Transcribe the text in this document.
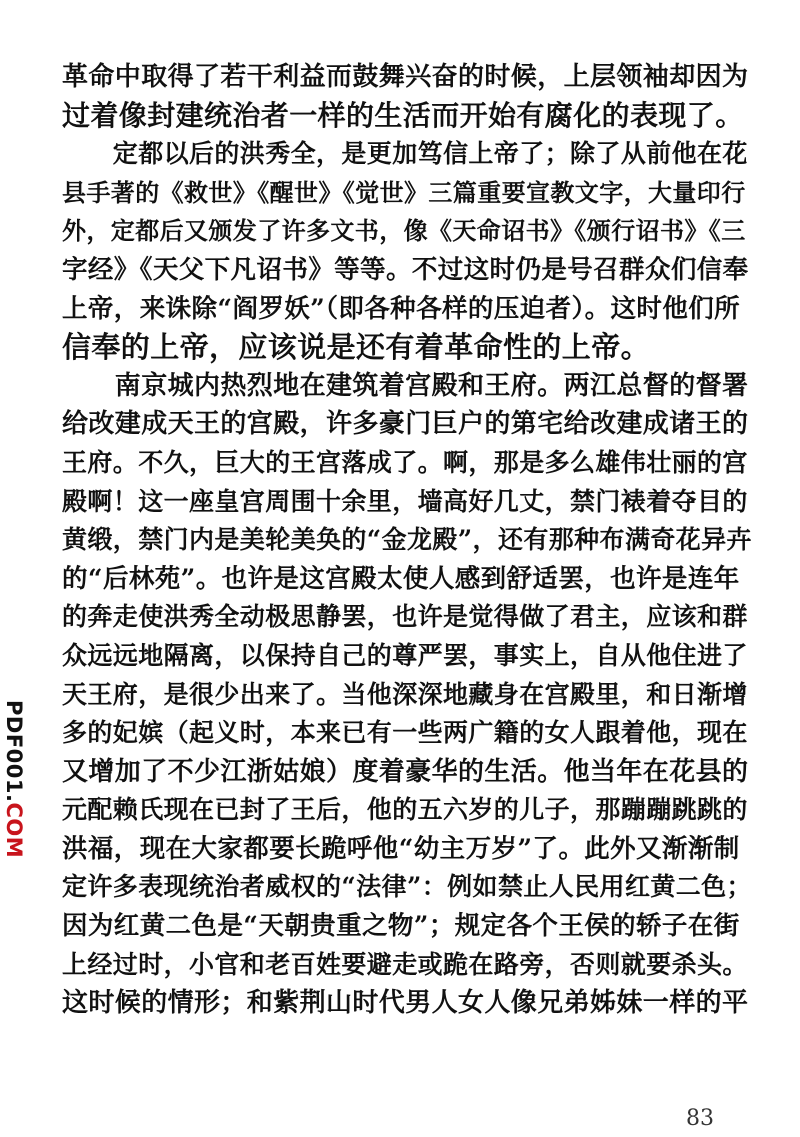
革命中取得了若干利益而鼓舞兴奋的时候，上层领袖却因为
过着像封建统治者一样的生活而开始有腐化的表现了。
　　定都以后的洪秀全，是更加笃信上帝了；除了从前他在花
县手著的《救世》《醒世》《觉世》三篇重要宣教文字，大量印行
外，定都后又颁发了许多文书，像《天命诏书》《颁行诏书》《三
字经》《天父下凡诏书》等等。不过这时仍是号召群众们信奉
上帝，来诛除“阎罗妖”（即各种各样的压迫者）。这时他们所
信奉的上帝，应该说是还有着革命性的上帝。
　　南京城内热烈地在建筑着宫殿和王府。两江总督的督署
给改建成天王的宫殿，许多豪门巨户的第宅给改建成诸王的
王府。不久，巨大的王宫落成了。啊，那是多么雄伟壮丽的宫
殿啊！这一座皇宫周围十余里，墙高好几丈，禁门裱着夺目的
黄缎，禁门内是美轮美奂的“金龙殿”，还有那种布满奇花异卉
的“后林苑”。也许是这宫殿太使人感到舒适罢，也许是连年
的奔走使洪秀全动极思静罢，也许是觉得做了君主，应该和群
众远远地隔离，以保持自己的尊严罢，事实上，自从他住进了
天王府，是很少出来了。当他深深地藏身在宫殿里，和日渐增
多的妃嫔（起义时，本来已有一些两广籍的女人跟着他，现在
又增加了不少江浙姑娘）度着豪华的生活。他当年在花县的
元配赖氏现在已封了王后，他的五六岁的儿子，那蹦蹦跳跳的
洪福，现在大家都要长跪呼他“幼主万岁”了。此外又渐渐制
定许多表现统治者威权的“法律”：例如禁止人民用红黄二色；
因为红黄二色是“天朝贵重之物”；规定各个王侯的轿子在街
上经过时，小官和老百姓要避走或跪在路旁，否则就要杀头。
这时候的情形；和紫荆山时代男人女人像兄弟姊妹一样的平
PDF001.COM
83
